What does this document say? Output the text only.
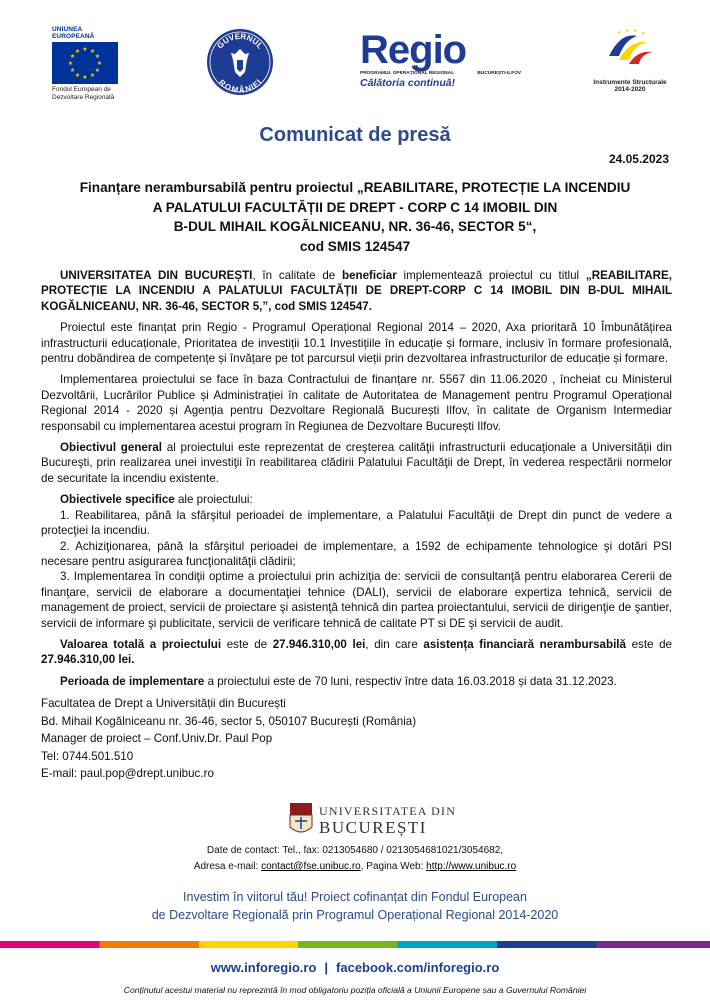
UNIUNEA EUROPEANĂ
★ ★
★
★
★
★
★
★
★
★
★
★
Fondul European de
Dezvoltare Regională
GUVERNUL
ROMÂNIEI
Regio
PROGRAMUL OPERAȚIONAL REGIONAL	BUCUREȘTI-ILFOV
Călătoria continuă!
★ ★ ★ ★
Instrumente Structurale
2014-2020
Comunicat de presă
24.05.2023
Finanțare nerambursabilă pentru proiectul „REABILITARE, PROTECȚIE LA INCENDIU
A PALATULUI FACULTĂȚII DE DREPT - CORP C 14 IMOBIL DIN
B-DUL MIHAIL KOGĂLNICEANU, NR. 36-46, SECTOR 5“,
cod SMIS 124547

UNIVERSITATEA DIN BUCUREȘTI, în calitate de beneficiar implementează proiectul cu titlul „REABILITARE, PROTECȚIE LA INCENDIU A PALATULUI FACULTĂȚII DE DREPT-CORP C 14 IMOBIL DIN B-DUL MIHAIL KOGĂLNICEANU, NR. 36-46, SECTOR 5,”, cod SMIS 124547.

Proiectul este finanțat prin Regio - Programul Operațional Regional 2014 – 2020, Axa prioritară 10 Îmbunătățirea infrastructurii educaționale, Prioritatea de investiții 10.1 Investițiile în educație și formare, inclusiv în formare profesională, pentru dobândirea de competențe și învățare pe tot parcursul vieții prin dezvoltarea infrastructurilor de educație și formare.

Implementarea proiectului se face în baza Contractului de finanțare nr. 5567 din 11.06.2020 , încheiat cu Ministerul Dezvoltării, Lucrărilor Publice și Administrației în calitate de Autoritatea de Management pentru Programul Operațional Regional 2014 - 2020 și Agenția pentru Dezvoltare Regională București Ilfov, în calitate de Organism Intermediar responsabil cu implementarea acestui program în Regiunea de Dezvoltare București Ilfov.

Obiectivul general al proiectului este reprezentat de creşterea calităţii infrastructurii educaţionale a Universității din Bucureşti, prin realizarea unei investiţii în reabilitarea clădirii Palatului Facultăţii de Drept, în vederea respectării normelor de securitate la incendiu existente.

Obiectivele specifice ale proiectului:
1. Reabilitarea, până la sfârşitul perioadei de implementare, a Palatului Facultăţii de Drept din punct de vedere a protecţiei la incendiu.
2. Achiziţionarea, până la sfârşitul perioadei de implementare, a 1592 de echipamente tehnologice şi dotări PSI necesare pentru asigurarea funcţionalităţii clădirii;
3. Implementarea în condiţii optime a proiectului prin achiziţia de: servicii de consultanţă pentru elaborarea Cererii de finanţare, servicii de elaborare a documentaţiei tehnice (DALI), servicii de elaborare expertiza tehnică, servicii de management de proiect, servicii de proiectare şi asistenţă tehnică din partea proiectantului, servicii de dirigenţie de şantier, servicii de informare şi publicitate, servicii de verificare tehnică de calitate PT si DE şi servicii de audit.

Valoarea totală a proiectului este de 27.946.310,00 lei, din care asistența financiară nerambursabilă este de 27.946.310,00 lei.

Perioada de implementare a proiectului este de 70 luni, respectiv între data 16.03.2018 și data 31.12.2023.

Facultatea de Drept a Universității din București

Bd. Mihail Kogălniceanu nr. 36-46, sector 5, 050107 București (România)

Manager de proiect – Conf.Univ.Dr. Paul Pop

Tel: 0744.501.510

E-mail: paul.pop@drept.unibuc.ro

UNIVERSITATEA DIN
BUCUREȘTI
Date de contact: Tel., fax: 0213054680 / 0213054681021/3054682,
Adresa e-mail: contact@fse.unibuc.ro, Pagina Web: http://www.unibuc.ro
Investim în viitorul tău! Proiect cofinanțat din Fondul European
de Dezvoltare Regională prin Programul Operațional Regional 2014-2020
www.inforegio.ro | facebook.com/inforegio.ro
Conținutul acestui material nu reprezintă în mod obligatoriu poziția oficială a Uniunii Europene sau a Guvernului României
